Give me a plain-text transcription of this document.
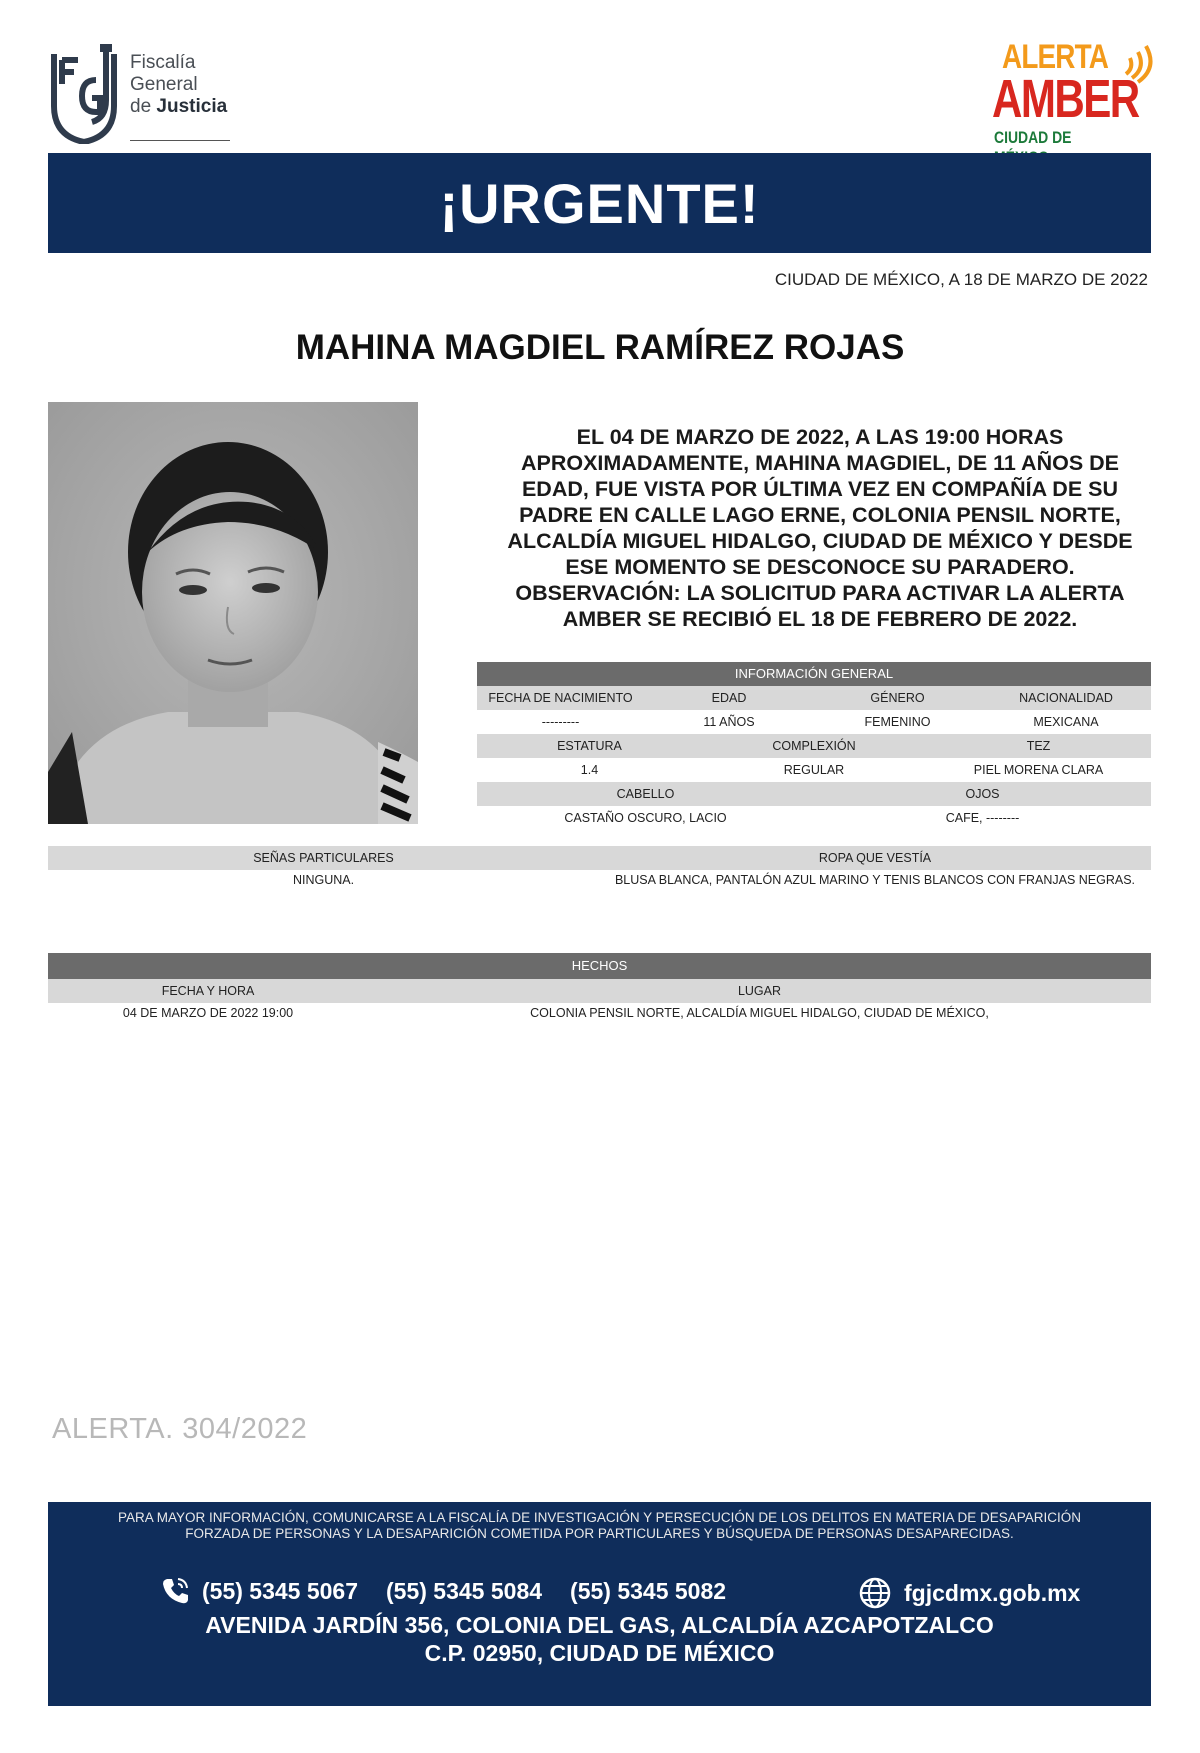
Fiscalía
General
de Justicia
ALERTA
AMBER
CIUDAD DE
¡URGENTE!
CIUDAD DE MÉXICO, A 18 DE MARZO DE 2022
MAHINA MAGDIEL RAMÍREZ ROJAS
EL 04 DE MARZO DE 2022, A LAS 19:00 HORAS APROXIMADAMENTE, MAHINA MAGDIEL, DE 11 AÑOS DE EDAD, FUE VISTA POR ÚLTIMA VEZ EN COMPAÑÍA DE SU PADRE EN CALLE LAGO ERNE, COLONIA PENSIL NORTE, ALCALDÍA MIGUEL HIDALGO, CIUDAD DE MÉXICO Y DESDE ESE MOMENTO SE DESCONOCE SU PARADERO. OBSERVACIÓN: LA SOLICITUD PARA ACTIVAR LA ALERTA AMBER SE RECIBIÓ EL 18 DE FEBRERO DE 2022.
INFORMACIÓN GENERAL
FECHA DE NACIMIENTO	EDAD	GÉNERO	NACIONALIDAD
---------	11 AÑOS	FEMENINO	MEXICANA
ESTATURA	COMPLEXIÓN	TEZ
1.4	REGULAR	PIEL MORENA CLARA
CABELLO	OJOS
CASTAÑO OSCURO, LACIO	CAFE, --------
SEÑAS PARTICULARES	ROPA QUE VESTÍA
NINGUNA.	BLUSA BLANCA, PANTALÓN AZUL MARINO Y TENIS BLANCOS CON FRANJAS NEGRAS.
HECHOS
FECHA Y HORA	LUGAR
04 DE MARZO DE 2022 19:00	COLONIA PENSIL NORTE, ALCALDÍA MIGUEL HIDALGO, CIUDAD DE MÉXICO,
ALERTA. 304/2022
PARA MAYOR INFORMACIÓN, COMUNICARSE A LA FISCALÍA DE INVESTIGACIÓN Y PERSECUCIÓN DE LOS DELITOS EN MATERIA DE DESAPARICIÓN
FORZADA DE PERSONAS Y LA DESAPARICIÓN COMETIDA POR PARTICULARES Y BÚSQUEDA DE PERSONAS DESAPARECIDAS.
(55) 5345 5067 (55) 5345 5084 (55) 5345 5082	fgjcdmx.gob.mx
AVENIDA JARDÍN 356, COLONIA DEL GAS, ALCALDÍA AZCAPOTZALCO
C.P. 02950, CIUDAD DE MÉXICO
